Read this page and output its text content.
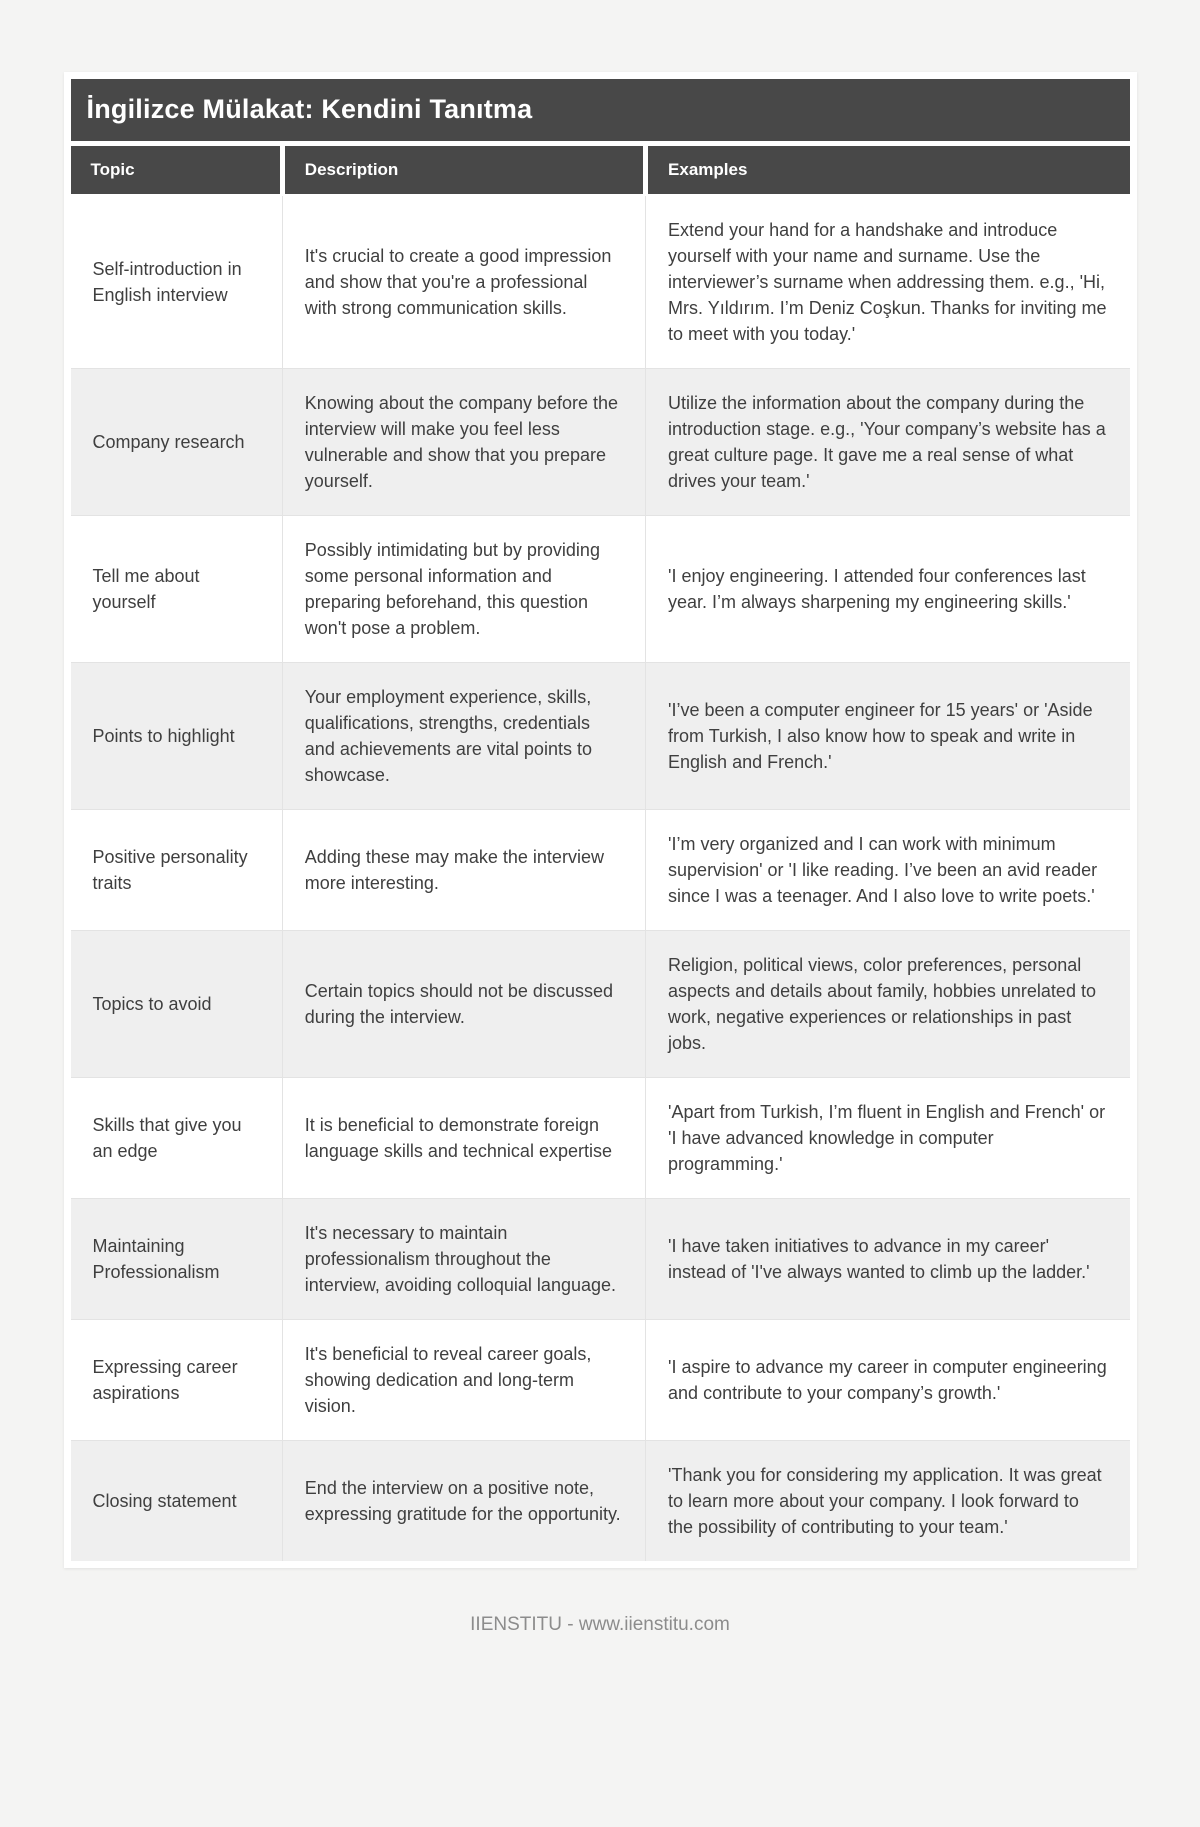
İngilizce Mülakat: Kendini Tanıtma
Topic	Description	Examples
Self-introduction in English interview	It's crucial to create a good impression and show that you're a professional with strong communication skills.	Extend your hand for a handshake and introduce yourself with your name and surname. Use the interviewer’s surname when addressing them. e.g., 'Hi, Mrs. Yıldırım. I’m Deniz Coşkun. Thanks for inviting me to meet with you today.'
Company research	Knowing about the company before the interview will make you feel less vulnerable and show that you prepare yourself.	Utilize the information about the company during the introduction stage. e.g., 'Your company’s website has a great culture page. It gave me a real sense of what drives your team.'
Tell me about yourself	Possibly intimidating but by providing some personal information and preparing beforehand, this question won't pose a problem.	'I enjoy engineering. I attended four conferences last year. I’m always sharpening my engineering skills.'
Points to highlight	Your employment experience, skills, qualifications, strengths, credentials and achievements are vital points to showcase.	'I’ve been a computer engineer for 15 years' or 'Aside from Turkish, I also know how to speak and write in English and French.'
Positive personality traits	Adding these may make the interview more interesting.	'I’m very organized and I can work with minimum supervision' or 'I like reading. I’ve been an avid reader since I was a teenager. And I also love to write poets.'
Topics to avoid	Certain topics should not be discussed during the interview.	Religion, political views, color preferences, personal aspects and details about family, hobbies unrelated to work, negative experiences or relationships in past jobs.
Skills that give you an edge	It is beneficial to demonstrate foreign language skills and technical expertise	'Apart from Turkish, I’m fluent in English and French' or 'I have advanced knowledge in computer programming.'
Maintaining Professionalism	It's necessary to maintain professionalism throughout the interview, avoiding colloquial language.	'I have taken initiatives to advance in my career' instead of 'I've always wanted to climb up the ladder.'
Expressing career aspirations	It's beneficial to reveal career goals, showing dedication and long-term vision.	'I aspire to advance my career in computer engineering and contribute to your company’s growth.'
Closing statement	End the interview on a positive note, expressing gratitude for the opportunity.	'Thank you for considering my application. It was great to learn more about your company. I look forward to the possibility of contributing to your team.'
IIENSTITU - www.iienstitu.com
